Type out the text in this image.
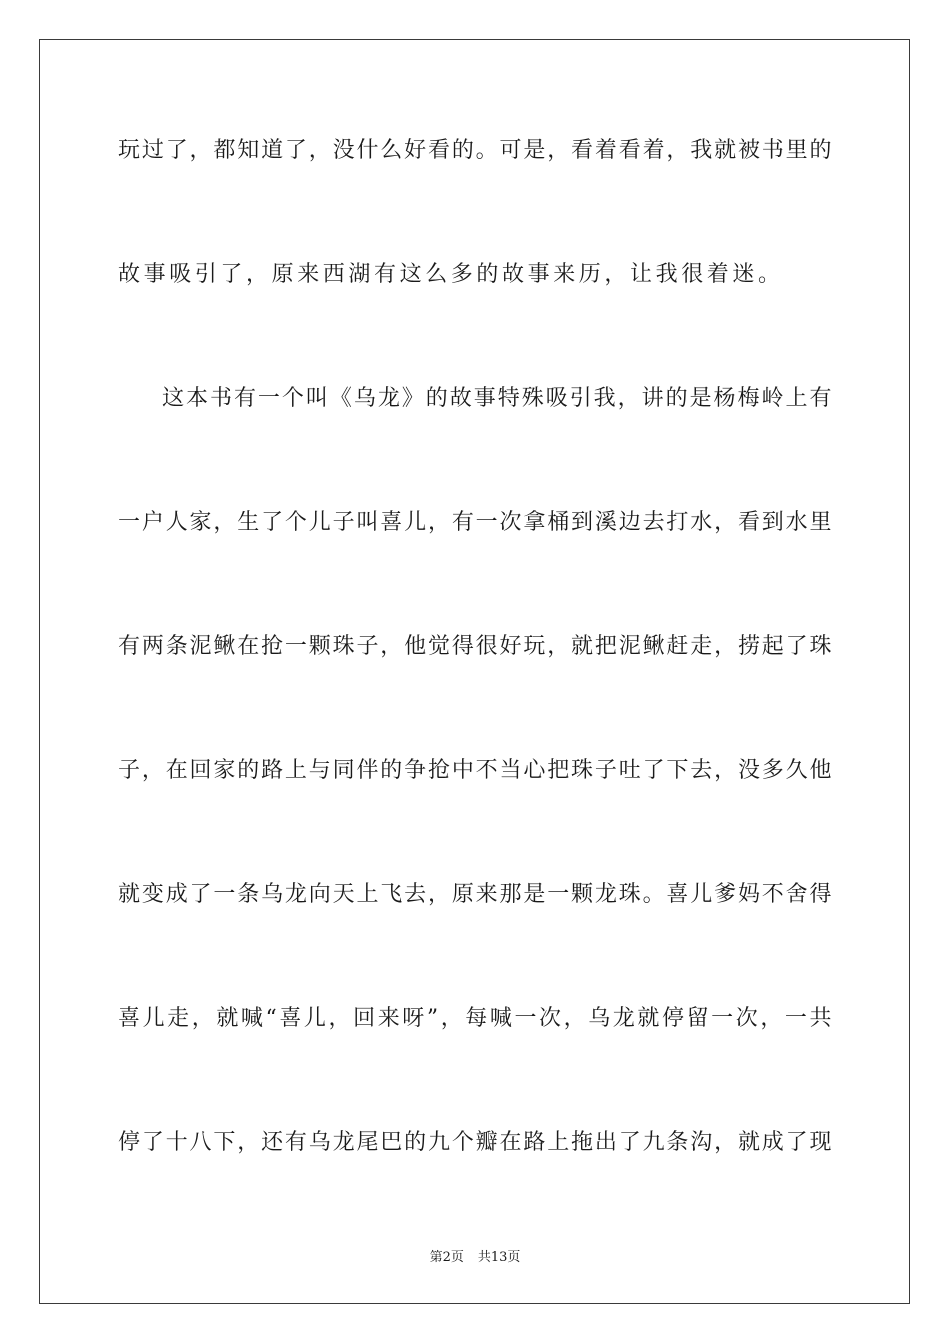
玩过了，都知道了，没什么好看的。可是，看着看着，我就被书里的
故事吸引了，原来西湖有这么多的故事来历，让我很着迷。
这本书有一个叫《乌龙》的故事特殊吸引我，讲的是杨梅岭上有
一户人家，生了个儿子叫喜儿，有一次拿桶到溪边去打水，看到水里
有两条泥鳅在抢一颗珠子，他觉得很好玩，就把泥鳅赶走，捞起了珠
子，在回家的路上与同伴的争抢中不当心把珠子吐了下去，没多久他
就变成了一条乌龙向天上飞去，原来那是一颗龙珠。喜儿爹妈不舍得
喜儿走，就喊“喜儿，回来呀”，每喊一次，乌龙就停留一次，一共
停了十八下，还有乌龙尾巴的九个瓣在路上拖出了九条沟，就成了现
第2页 共13页
